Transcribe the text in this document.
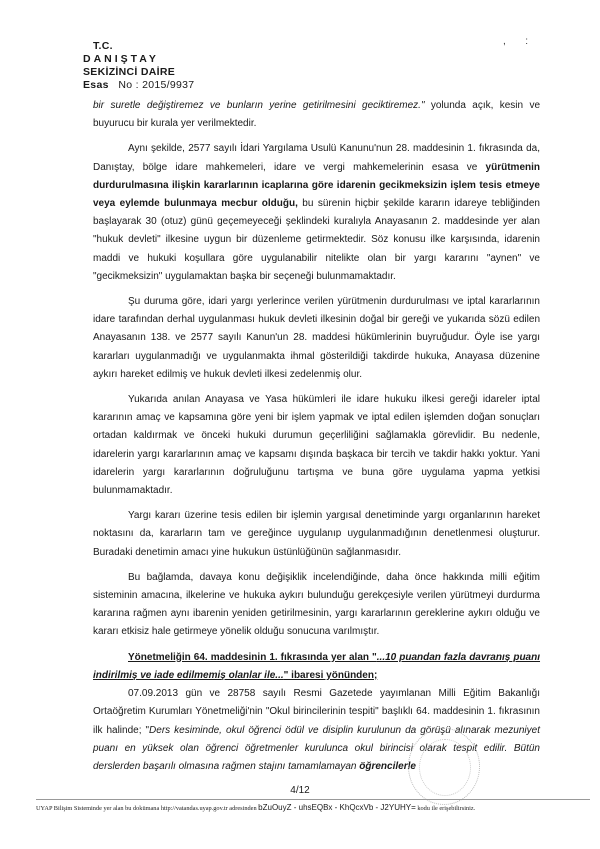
T.C.
DANIŞTAY
SEKİZİNCİ DAİRE
Esas No : 2015/9937
, :

bir suretle değiştiremez ve bunların yerine getirilmesini geciktiremez." yolunda açık, kesin ve buyurucu bir kurala yer verilmektedir.

Aynı şekilde, 2577 sayılı İdari Yargılama Usulü Kanunu'nun 28. maddesinin 1. fıkrasında da, Danıştay, bölge idare mahkemeleri, idare ve vergi mahkemelerinin esasa ve yürütmenin durdurulmasına ilişkin kararlarının icaplarına göre idarenin gecikmeksizin işlem tesis etmeye veya eylemde bulunmaya mecbur olduğu, bu sürenin hiçbir şekilde kararın idareye tebliğinden başlayarak 30 (otuz) günü geçemeyeceği şeklindeki kuralıyla Anayasanın 2. maddesinde yer alan "hukuk devleti" ilkesine uygun bir düzenleme getirmektedir. Söz konusu ilke karşısında, idarenin maddi ve hukuki koşullara göre uygulanabilir nitelikte olan bir yargı kararını "aynen" ve "gecikmeksizin" uygulamaktan başka bir seçeneği bulunmamaktadır.

Şu duruma göre, idari yargı yerlerince verilen yürütmenin durdurulması ve iptal kararlarının idare tarafından derhal uygulanması hukuk devleti ilkesinin doğal bir gereği ve yukarıda sözü edilen Anayasanın 138. ve 2577 sayılı Kanun'un 28. maddesi hükümlerinin buyruğudur. Öyle ise yargı kararları uygulanmadığı ve uygulanmakta ihmal gösterildiği takdirde hukuka, Anayasa düzenine aykırı hareket edilmiş ve hukuk devleti ilkesi zedelenmiş olur.

Yukarıda anılan Anayasa ve Yasa hükümleri ile idare hukuku ilkesi gereği idareler iptal kararının amaç ve kapsamına göre yeni bir işlem yapmak ve iptal edilen işlemden doğan sonuçları ortadan kaldırmak ve önceki hukuki durumun geçerliliğini sağlamakla görevlidir. Bu nedenle, idarelerin yargı kararlarının amaç ve kapsamı dışında başkaca bir tercih ve takdir hakkı yoktur. Yani idarelerin yargı kararlarının doğruluğunu tartışma ve buna göre uygulama yapma yetkisi bulunmamaktadır.

Yargı kararı üzerine tesis edilen bir işlemin yargısal denetiminde yargı organlarının hareket noktasını da, kararların tam ve gereğince uygulanıp uygulanmadığının denetlenmesi oluşturur. Buradaki denetimin amacı yine hukukun üstünlüğünün sağlanmasıdır.

Bu bağlamda, davaya konu değişiklik incelendiğinde, daha önce hakkında milli eğitim sisteminin amacına, ilkelerine ve hukuka aykırı bulunduğu gerekçesiyle verilen yürütmeyi durdurma kararına rağmen aynı ibarenin yeniden getirilmesinin, yargı kararlarının gereklerine aykırı olduğu ve kararı etkisiz hale getirmeye yönelik olduğu sonucuna varılmıştır.

Yönetmeliğin 64. maddesinin 1. fıkrasında yer alan "...10 puandan fazla davranış puanı indirilmiş ve iade edilmemiş olanlar ile..." ibaresi yönünden;

07.09.2013 gün ve 28758 sayılı Resmi Gazetede yayımlanan Milli Eğitim Bakanlığı Ortaöğretim Kurumları Yönetmeliği'nin "Okul birincilerinin tespiti" başlıklı 64. maddesinin 1. fıkrasının ilk halinde; "Ders kesiminde, okul öğrenci ödül ve disiplin kurulunun da görüşü alınarak mezuniyet puanı en yüksek olan öğrenci öğretmenler kurulunca okul birincisi olarak tespit edilir. Bütün derslerden başarılı olmasına rağmen stajını tamamlamayan öğrencilerle

4/12
UYAP Bilişim Sisteminde yer alan bu dokümana http://vatandas.uyap.gov.tr adresinden bZuOuyZ - uhsEQBx - KhQcxVb - J2YUHY= kodu ile erişebilirsiniz.
